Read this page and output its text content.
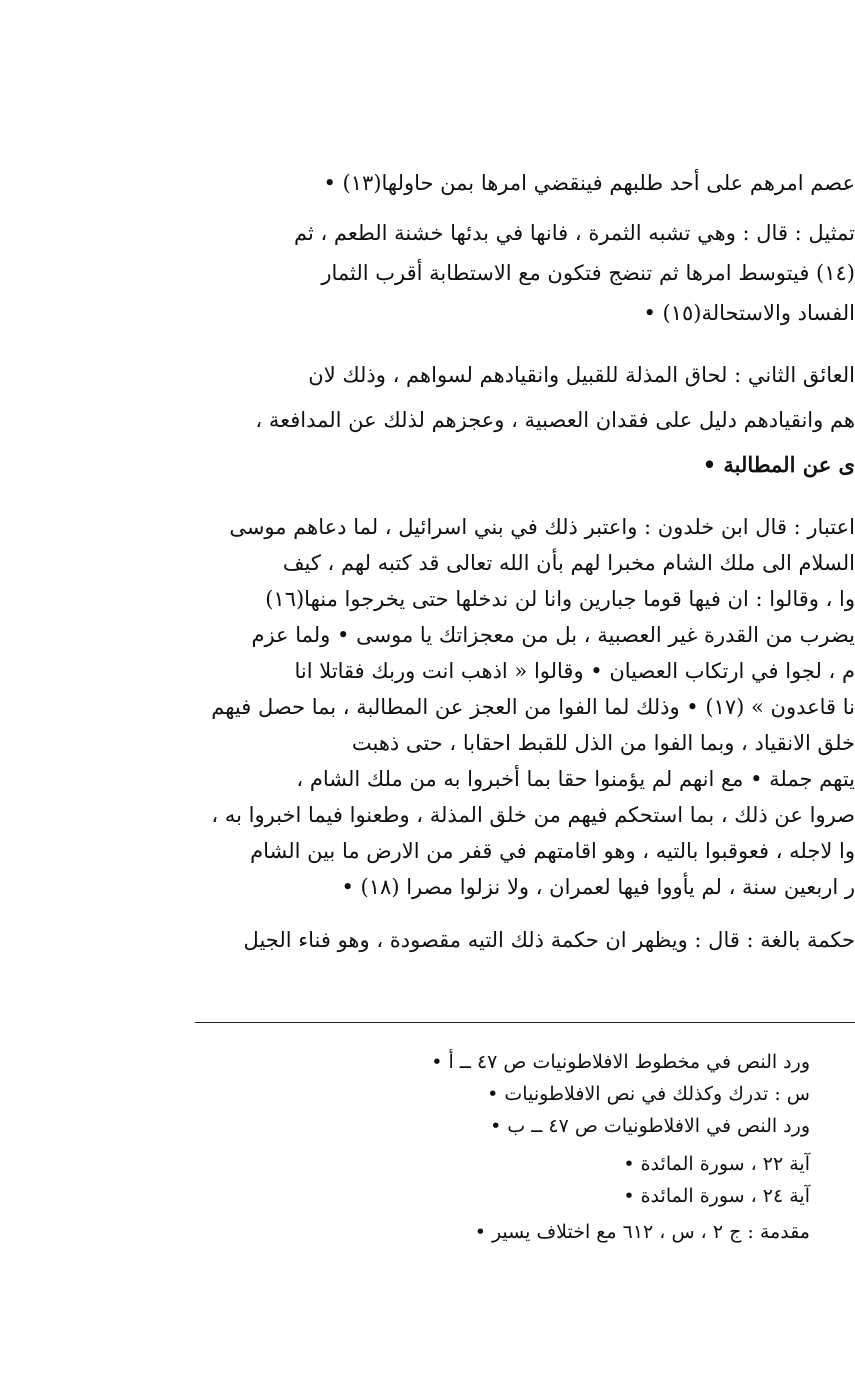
عصم امرهم على أحد طلبهم فينقضي امرها بمن حاولها(١٣) •
تمثيل : قال : وهي تشبه الثمرة ، فانها في بدئها خشنة الطعم ، ثم
(١٤) فيتوسط امرها ثم تنضج فتكون مع الاستطابة أقرب الثمار
الفساد والاستحالة(١٥) •
العائق الثاني : لحاق المذلة للقبيل وانقيادهم لسواهم ، وذلك لان
هم وانقيادهم دليل على فقدان العصبية ، وعجزهم لذلك عن المدافعة ،
ى عن المطالبة •
اعتبار : قال ابن خلدون : واعتبر ذلك في بني اسرائيل ، لما دعاهم موسى
السلام الى ملك الشام مخبرا لهم بأن الله تعالى قد كتبه لهم ، كيف
وا ، وقالوا : ان فيها قوما جبارين وانا لن ندخلها حتى يخرجوا منها(١٦)
يضرب من القدرة غير العصبية ، بل من معجزاتك يا موسى • ولما عزم
م ، لجوا في ارتكاب العصيان • وقالوا « اذهب انت وربك فقاتلا انا
نا قاعدون » (١٧) • وذلك لما الفوا من العجز عن المطالبة ، بما حصل فيهم
خلق الانقياد ، وبما الفوا من الذل للقبط احقابا ، حتى ذهبت
يتهم جملة • مع انهم لم يؤمنوا حقا بما أخبروا به من ملك الشام ،
صروا عن ذلك ، بما استحكم فيهم من خلق المذلة ، وطعنوا فيما اخبروا به ،
وا لاجله ، فعوقبوا بالتيه ، وهو اقامتهم في قفر من الارض ما بين الشام
ر اربعين سنة ، لم يأووا فيها لعمران ، ولا نزلوا مصرا (١٨) •
حكمة بالغة : قال : ويظهر ان حكمة ذلك التيه مقصودة ، وهو فناء الجيل
ورد النص في مخطوط الافلاطونيات ص ٤٧ ــ أ •
س : تدرك وكذلك في نص الافلاطونيات •
ورد النص في الافلاطونيات ص ٤٧ ــ ب •
آية ٢٢ ، سورة المائدة •
آية ٢٤ ، سورة المائدة •
مقدمة : ج ٢ ، س ، ٦١٢ مع اختلاف يسير •
